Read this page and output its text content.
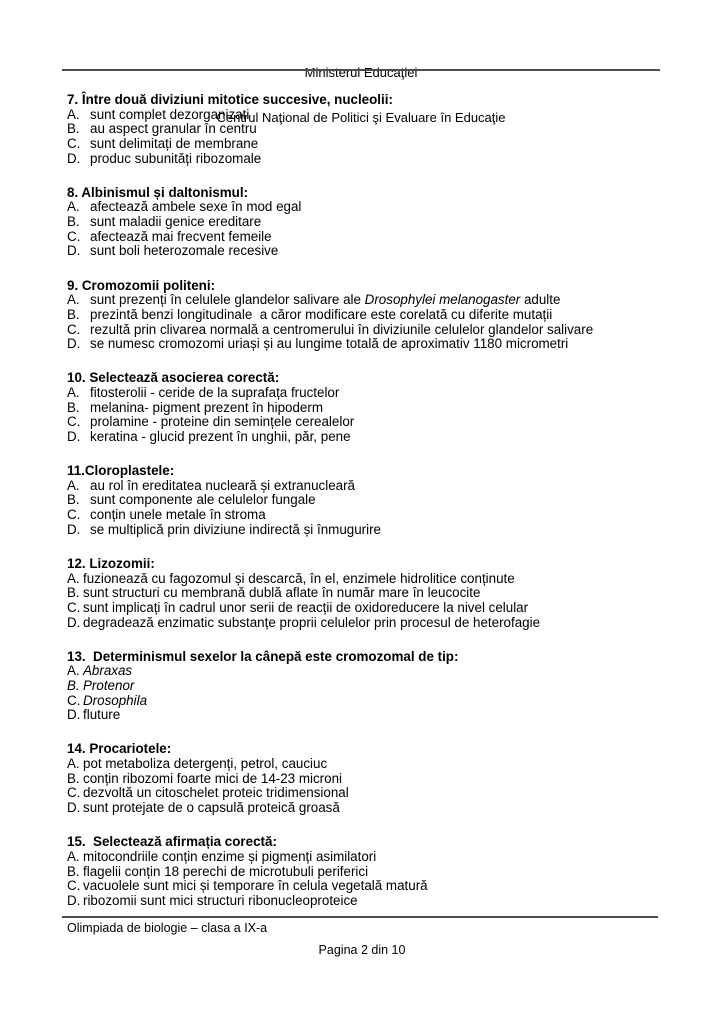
Ministerul Educaţiei

Centrul Naţional de Politici şi Evaluare în Educaţie

7. Între două diviziuni mitotice succesive, nucleolii:

A. sunt complet dezorganizați

B. au aspect granular în centru

C. sunt delimitați de membrane

D. produc subunități ribozomale

8. Albinismul și daltonismul:

A. afectează ambele sexe în mod egal

B. sunt maladii genice ereditare

C. afectează mai frecvent femeile

D. sunt boli heterozomale recesive

9. Cromozomii politeni:

A. sunt prezenți în celulele glandelor salivare ale Drosophylei melanogaster adulte

B. prezintă benzi longitudinale  a căror modificare este corelată cu diferite mutații

C. rezultă prin clivarea normală a centromerului în diviziunile celulelor glandelor salivare

D. se numesc cromozomi uriași și au lungime totală de aproximativ 1180 micrometri

10. Selectează asocierea corectă:

A. fitosterolii - ceride de la suprafața fructelor

B. melanina- pigment prezent în hipoderm

C. prolamine - proteine din semințele cerealelor

D. keratina - glucid prezent în unghii, păr, pene

11.Cloroplastele:

A. au rol în ereditatea nucleară și extranucleară

B. sunt componente ale celulelor fungale

C. conțin unele metale în stroma

D. se multiplică prin diviziune indirectă și înmugurire

12. Lizozomii:

A. fuzionează cu fagozomul și descarcă, în el, enzimele hidrolitice conținute

B. sunt structuri cu membrană dublă aflate în număr mare în leucocite

C. sunt implicați în cadrul unor serii de reacții de oxidoreducere la nivel celular

D. degradează enzimatic substanțe proprii celulelor prin procesul de heterofagie

13.  Determinismul sexelor la cânepă este cromozomal de tip:

A. Abraxas

B. Protenor

C. Drosophila

D. fluture

14. Procariotele:

A. pot metaboliza detergenți, petrol, cauciuc

B. conțin ribozomi foarte mici de 14-23 microni

C. dezvoltă un citoschelet proteic tridimensional

D. sunt protejate de o capsulă proteică groasă

15.  Selectează afirmația corectă:

A. mitocondriile conțin enzime și pigmenți asimilatori

B. flagelii conțin 18 perechi de microtubuli periferici

C. vacuolele sunt mici și temporare în celula vegetală matură

D. ribozomii sunt mici structuri ribonucleoproteice

Olimpiada de biologie – clasa a IX-a
Pagina 2 din 10
